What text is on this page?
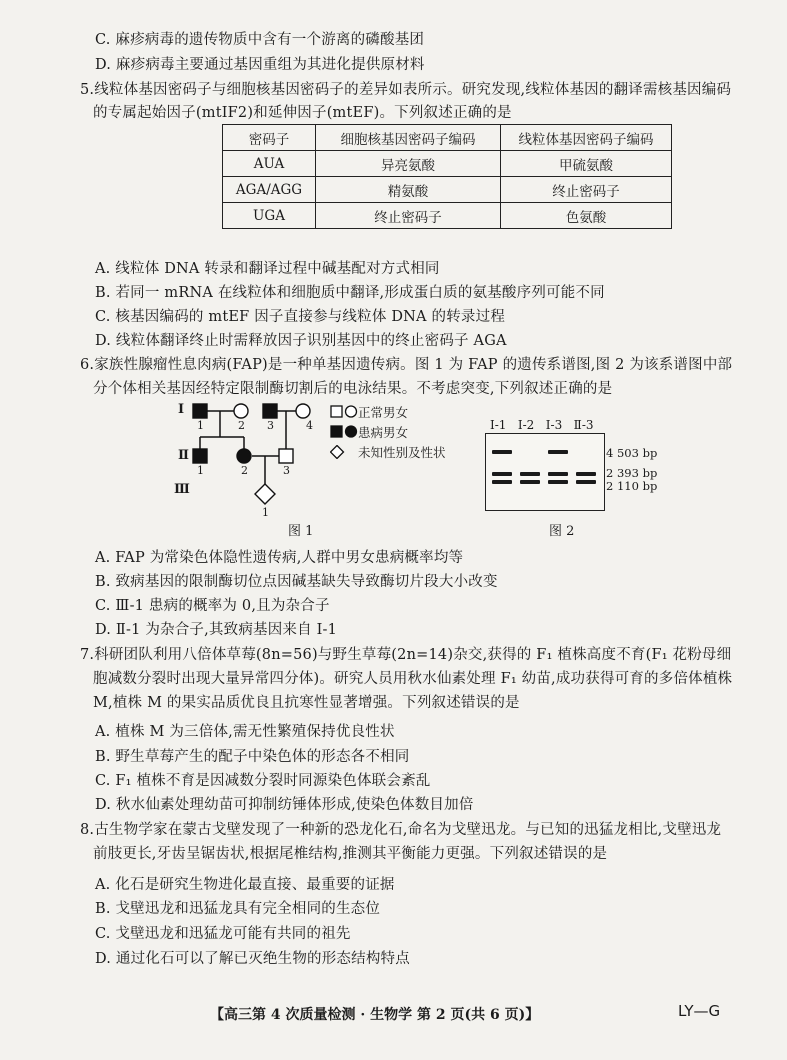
C. 麻疹病毒的遗传物质中含有一个游离的磷酸基团
D. 麻疹病毒主要通过基因重组为其进化提供原材料
5.线粒体基因密码子与细胞核基因密码子的差异如表所示。研究发现,线粒体基因的翻译需核基因编码
的专属起始因子(mtIF2)和延伸因子(mtEF)。下列叙述正确的是
密码子	细胞核基因密码子编码	线粒体基因密码子编码
AUA	异亮氨酸	甲硫氨酸
AGA/AGG	精氨酸	终止密码子
UGA	终止密码子	色氨酸
A. 线粒体 DNA 转录和翻译过程中碱基配对方式相同
B. 若同一 mRNA 在线粒体和细胞质中翻译,形成蛋白质的氨基酸序列可能不同
C. 核基因编码的 mtEF 因子直接参与线粒体 DNA 的转录过程
D. 线粒体翻译终止时需释放因子识别基因中的终止密码子 AGA
6.家族性腺瘤性息肉病(FAP)是一种单基因遗传病。图 1 为 FAP 的遗传系谱图,图 2 为该系谱图中部
分个体相关基因经特定限制酶切割后的电泳结果。不考虑突变,下列叙述正确的是
Ⅰ
Ⅱ
Ⅲ
1	2 3	4
1	2	3
1
正常男女
患病男女
未知性别及性状
图 1
Ⅰ-1 Ⅰ-2 Ⅰ-3 Ⅱ-3
4 503 bp
2 393 bp
2 110 bp
图 2
A. FAP 为常染色体隐性遗传病,人群中男女患病概率均等
B. 致病基因的限制酶切位点因碱基缺失导致酶切片段大小改变
C. Ⅲ-1 患病的概率为 0,且为杂合子
D. Ⅱ-1 为杂合子,其致病基因来自 Ⅰ-1
7.科研团队利用八倍体草莓(8n=56)与野生草莓(2n=14)杂交,获得的 F₁ 植株高度不育(F₁ 花粉母细
胞减数分裂时出现大量异常四分体)。研究人员用秋水仙素处理 F₁ 幼苗,成功获得可育的多倍体植株
M,植株 M 的果实品质优良且抗寒性显著增强。下列叙述错误的是
A. 植株 M 为三倍体,需无性繁殖保持优良性状
B. 野生草莓产生的配子中染色体的形态各不相同
C. F₁ 植株不育是因减数分裂时同源染色体联会紊乱
D. 秋水仙素处理幼苗可抑制纺锤体形成,使染色体数目加倍
8.古生物学家在蒙古戈壁发现了一种新的恐龙化石,命名为戈壁迅龙。与已知的迅猛龙相比,戈壁迅龙
前肢更长,牙齿呈锯齿状,根据尾椎结构,推测其平衡能力更强。下列叙述错误的是
A. 化石是研究生物进化最直接、最重要的证据
B. 戈壁迅龙和迅猛龙具有完全相同的生态位
C. 戈壁迅龙和迅猛龙可能有共同的祖先
D. 通过化石可以了解已灭绝生物的形态结构特点
【高三第 4 次质量检测 · 生物学 第 2 页(共 6 页)】	LY—G
